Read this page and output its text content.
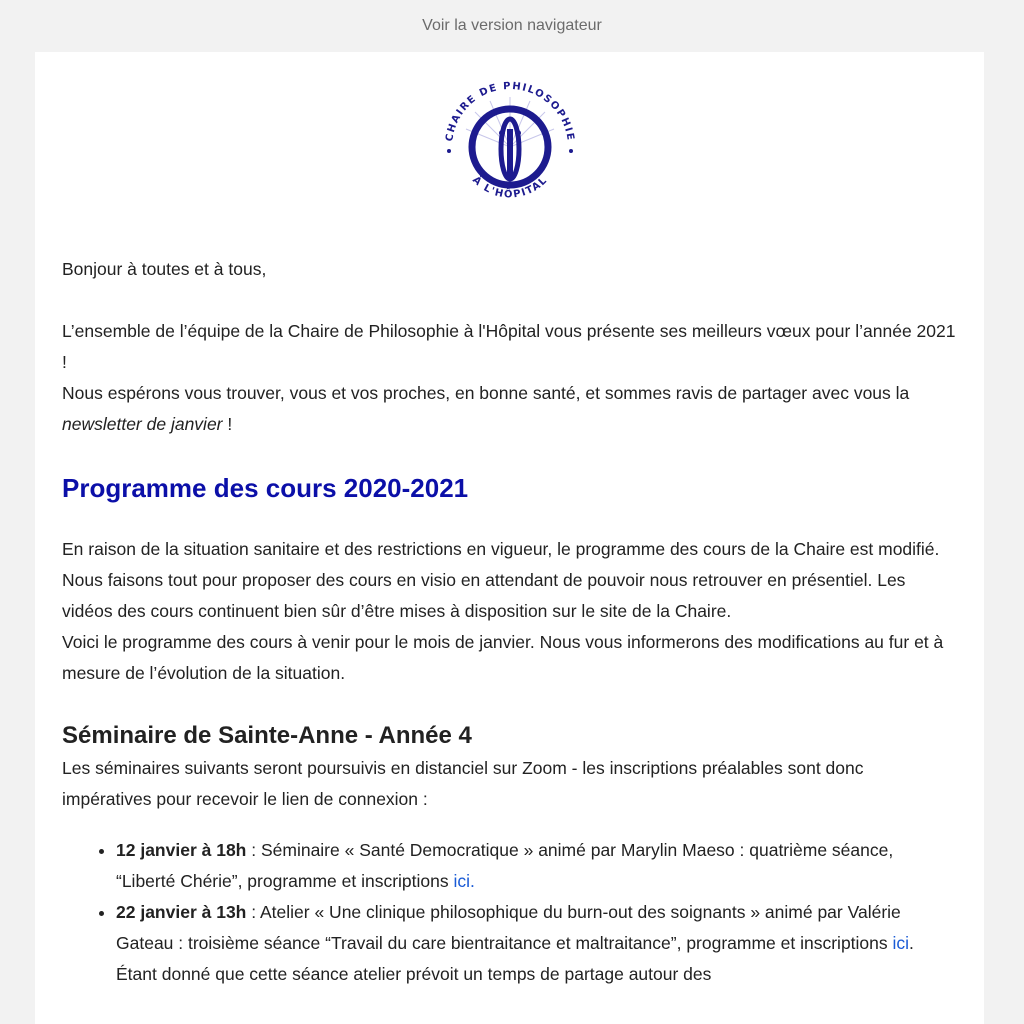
Voir la version navigateur
CHAIRE DE PHILOSOPHIE
À L'HÔPITAL

Bonjour à toutes et à tous,

L’ensemble de l’équipe de la Chaire de Philosophie à l'Hôpital vous présente ses meilleurs vœux pour l’année 2021 !
Nous espérons vous trouver, vous et vos proches, en bonne santé, et sommes ravis de partager avec vous la newsletter de janvier !

Programme des cours 2020-2021

En raison de la situation sanitaire et des restrictions en vigueur, le programme des cours de la Chaire est modifié. Nous faisons tout pour proposer des cours en visio en attendant de pouvoir nous retrouver en présentiel. Les vidéos des cours continuent bien sûr d’être mises à disposition sur le site de la Chaire.
Voici le programme des cours à venir pour le mois de janvier. Nous vous informerons des modifications au fur et à mesure de l’évolution de la situation.

Séminaire de Sainte-Anne - Année 4

Les séminaires suivants seront poursuivis en distanciel sur Zoom - les inscriptions préalables sont donc impératives pour recevoir le lien de connexion :

• 12 janvier à 18h : Séminaire « Santé Democratique » animé par Marylin Maeso : quatrième séance, “Liberté Chérie”, programme et inscriptions ici.
• 22 janvier à 13h : Atelier « Une clinique philosophique du burn-out des soignants » animé par Valérie Gateau : troisième séance “Travail du care bientraitance et maltraitance”, programme et inscriptions ici. Étant donné que cette séance atelier prévoit un temps de partage autour des
